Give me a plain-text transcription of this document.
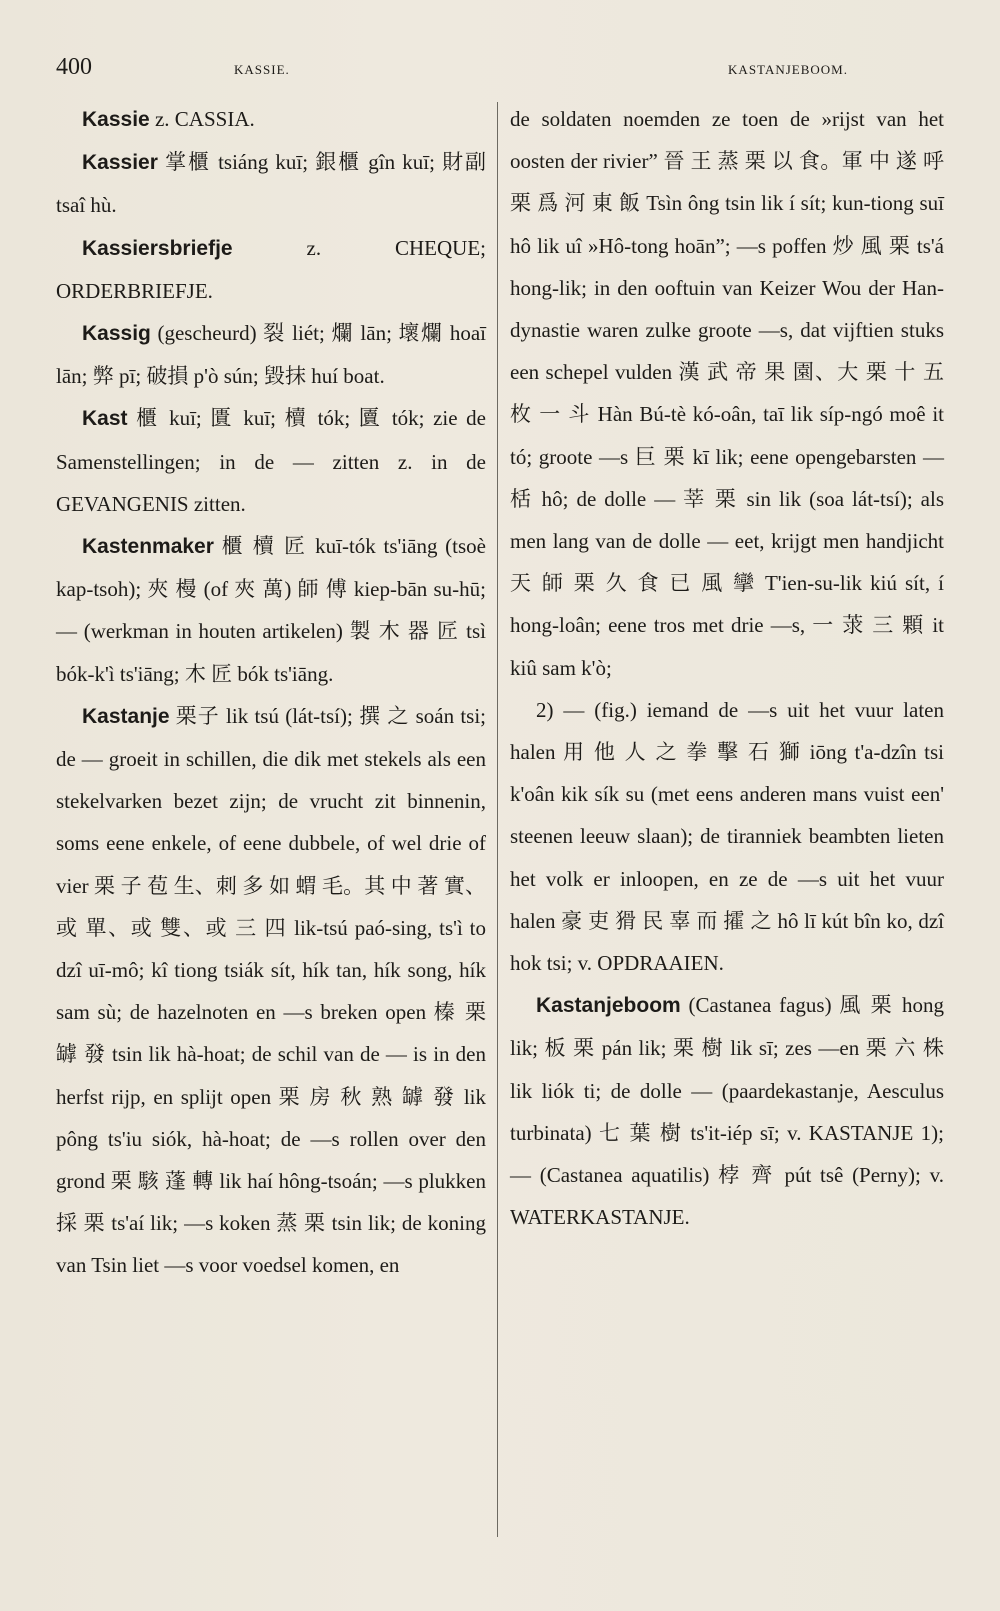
400	KASSIE.	KASTANJEBOOM.

Kassie z. CASSIA.

Kassier 掌櫃 tsiáng kuī; 銀櫃 gîn kuī; 財副 tsaî hù.

Kassiersbriefje	z. CHEQUE; ORDERBRIEFJE.

Kassig (gescheurd) 裂 liét; 爛 lān; 壞爛 hoaī lān; 弊 pī; 破損 p'ò sún; 毀抹 huí boat.

Kast 櫃 kuī; 匱 kuī; 櫝 tók; 匵 tók; zie de Samenstellingen; in de — zitten z. in de GEVANGENIS zitten.

Kastenmaker 櫃 櫝 匠 kuī-tók ts'iāng (tsoè kap-tsoh); 夾 槾 (of 夾 萬) 師 傅 kiep-bān su-hū; — (werkman in houten artikelen) 製 木 器 匠 tsì bók-k'ì ts'iāng; 木 匠 bók ts'iāng.

Kastanje 栗子 lik tsú (lát-tsí); 撰 之 soán tsi; de — groeit in schillen, die dik met stekels als een stekelvarken bezet zijn; de vrucht zit binnenin, soms eene enkele, of eene dubbele, of wel drie of vier 栗 子 苞 生、刺 多 如 蝟 毛。其 中 著 實、或 單、或 雙、或 三 四 lik-tsú paó-sing, ts'ì to dzî uī-mô; kî tiong tsiák sít, hík tan, hík song, hík sam sù; de hazelnoten en —s breken open 榛 栗 罅 發 tsin lik hà-hoat; de schil van de — is in den herfst rijp, en splijt open 栗 房 秋 熟 罅 發 lik pông ts'iu siók, hà-hoat; de —s rollen over den grond 栗 駭 蓬 轉 lik haí hông-tsoán; —s plukken 採 栗 ts'aí lik; —s koken 蒸 栗 tsin lik; de koning van Tsin liet —s voor voedsel komen, en

de soldaten noemden ze toen de »rijst van het oosten der rivier” 晉 王 蒸 栗 以 食。軍 中 遂 呼 栗 爲 河 東 飯 Tsìn ông tsin lik í sít; kun-tiong suī hô lik uî »Hô-tong hoān”; —s poffen 炒 風 栗 ts'á hong-lik; in den ooftuin van Keizer Wou der Han-dynastie waren zulke groote —s, dat vijftien stuks een schepel vulden 漢 武 帝 果 園、大 栗 十 五 枚 一 斗 Hàn Bú-tè kó-oân, taī lik síp-ngó moê it tó; groote —s 巨 栗 kī lik; eene opengebarsten — 栝 hô; de dolle — 莘 栗 sin lik (soa lát-tsí); als men lang van de dolle — eet, krijgt men handjicht 天 師 栗 久 食 已 風 攣 T'ien-su-lik kiú sít, í hong-loân; eene tros met drie —s, 一 莍 三 顆 it kiû sam k'ò;

2) — (fig.) iemand de —s uit het vuur laten halen 用 他 人 之 拳 擊 石 獅 iōng t'a-dzîn tsi k'oân kik sík su (met eens anderen mans vuist een' steenen leeuw slaan); de tiranniek beambten lieten het volk er inloopen, en ze de —s uit het vuur halen 豪 吏 猾 民 辜 而 攉 之 hô lī kút bîn ko, dzî hok tsi; v. OPDRAAIEN.

Kastanjeboom (Castanea fagus) 風 栗 hong lik; 板 栗 pán lik; 栗 樹 lik sī; zes —en 栗 六 株 lik liók ti; de dolle — (paardekastanje, Aesculus turbinata) 七 葉 樹 ts'it-iép sī; v. KASTANJE 1); — (Castanea aquatilis) 桲 齊 pút tsê (Perny); v. WATERKASTANJE.
